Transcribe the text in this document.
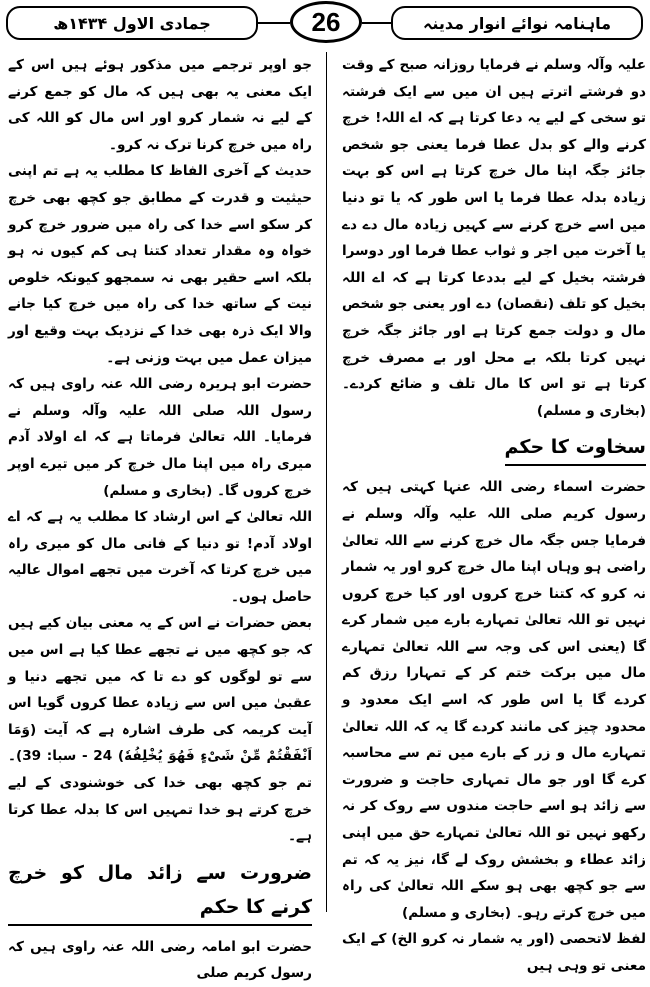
جمادی الاول ۱۴۳۴ھ	26	ماہنامہ نوائے انوار مدینہ

علیہ وآلہ وسلم نے فرمایا روزانہ صبح کے وقت دو فرشتے اترتے ہیں ان میں سے ایک فرشتہ تو سخی کے لیے یہ دعا کرتا ہے کہ اے اللہ! خرچ کرنے والے کو بدل عطا فرما یعنی جو شخص جائز جگہ اپنا مال خرچ کرتا ہے اس کو بہت زیادہ بدلہ عطا فرما یا اس طور کہ یا تو دنیا میں اسے خرچ کرنے سے کہیں زیادہ مال دے دے یا آخرت میں اجر و ثواب عطا فرما اور دوسرا فرشتہ بخیل کے لیے بددعا کرتا ہے کہ اے اللہ بخیل کو تلف (نقصان) دے اور یعنی جو شخص مال و دولت جمع کرتا ہے اور جائز جگہ خرچ نہیں کرتا بلکہ بے محل اور بے مصرف خرچ کرتا ہے تو اس کا مال تلف و ضائع کردے۔ (بخاری و مسلم)

سخاوت کا حکم

حضرت اسماء رضی اللہ عنہا کہتی ہیں کہ رسول کریم صلی اللہ علیہ وآلہ وسلم نے فرمایا جس جگہ مال خرچ کرنے سے اللہ تعالیٰ راضی ہو وہاں اپنا مال خرچ کرو اور یہ شمار نہ کرو کہ کتنا خرچ کروں اور کیا خرچ کروں نہیں تو اللہ تعالیٰ تمہارے بارے میں شمار کرے گا (یعنی اس کی وجہ سے اللہ تعالیٰ تمہارے مال میں برکت ختم کر کے تمہارا رزق کم کردے گا یا اس طور کہ اسے ایک معدود و محدود چیز کی مانند کردے گا یہ کہ اللہ تعالیٰ تمہارے مال و زر کے بارے میں تم سے محاسبہ کرے گا اور جو مال تمہاری حاجت و ضرورت سے زائد ہو اسے حاجت مندوں سے روک کر نہ رکھو نہیں تو اللہ تعالیٰ تمہارے حق میں اپنی زائد عطاء و بخشش روک لے گا، نیز یہ کہ تم سے جو کچھ بھی ہو سکے اللہ تعالیٰ کی راہ میں خرچ کرتے رہو۔ (بخاری و مسلم)

لفظ لاتحصی (اور یہ شمار نہ کرو الخ) کے ایک معنی تو وہی ہیں

جو اوپر ترجمے میں مذکور ہوئے ہیں اس کے ایک معنی یہ بھی ہیں کہ مال کو جمع کرنے کے لیے نہ شمار کرو اور اس مال کو اللہ کی راہ میں خرچ کرنا ترک نہ کرو۔

حدیث کے آخری الفاظ کا مطلب یہ ہے تم اپنی حیثیت و قدرت کے مطابق جو کچھ بھی خرچ کر سکو اسے خدا کی راہ میں ضرور خرچ کرو خواہ وہ مقدار تعداد کتنا ہی کم کیوں نہ ہو بلکہ اسے حقیر بھی نہ سمجھو کیونکہ خلوص نیت کے ساتھ خدا کی راہ میں خرچ کیا جانے والا ایک ذرہ بھی خدا کے نزدیک بہت وقیع اور میزان عمل میں بہت وزنی ہے۔

حضرت ابو ہریرہ رضی اللہ عنہ راوی ہیں کہ رسول اللہ صلی اللہ علیہ وآلہ وسلم نے فرمایا۔ اللہ تعالیٰ فرماتا ہے کہ اے اولاد آدم میری راہ میں اپنا مال خرچ کر میں تیرے اوپر خرچ کروں گا۔ (بخاری و مسلم)

اللہ تعالیٰ کے اس ارشاد کا مطلب یہ ہے کہ اے اولاد آدم! تو دنیا کے فانی مال کو میری راہ میں خرچ کرتا کہ آخرت میں تجھے اموال عالیہ حاصل ہوں۔

بعض حضرات نے اس کے یہ معنی بیان کیے ہیں کہ جو کچھ میں نے تجھے عطا کیا ہے اس میں سے تو لوگوں کو دے تا کہ میں تجھے دنیا و عقبیٰ میں اس سے زیادہ عطا کروں گویا اس آیت کریمہ کی طرف اشارہ ہے کہ آیت (وَمَا اَنْفَقْتُمْ مِّنْ شَیْءٍ فَهُوَ یُخْلِفُهٗ) 24 - سبا: 39)۔ تم جو کچھ بھی خدا کی خوشنودی کے لیے خرچ کرتے ہو خدا تمہیں اس کا بدلہ عطا کرتا ہے۔

ضرورت سے زائد مال کو خرچ کرنے کا حکم

حضرت ابو امامہ رضی اللہ عنہ راوی ہیں کہ رسول کریم صلی
